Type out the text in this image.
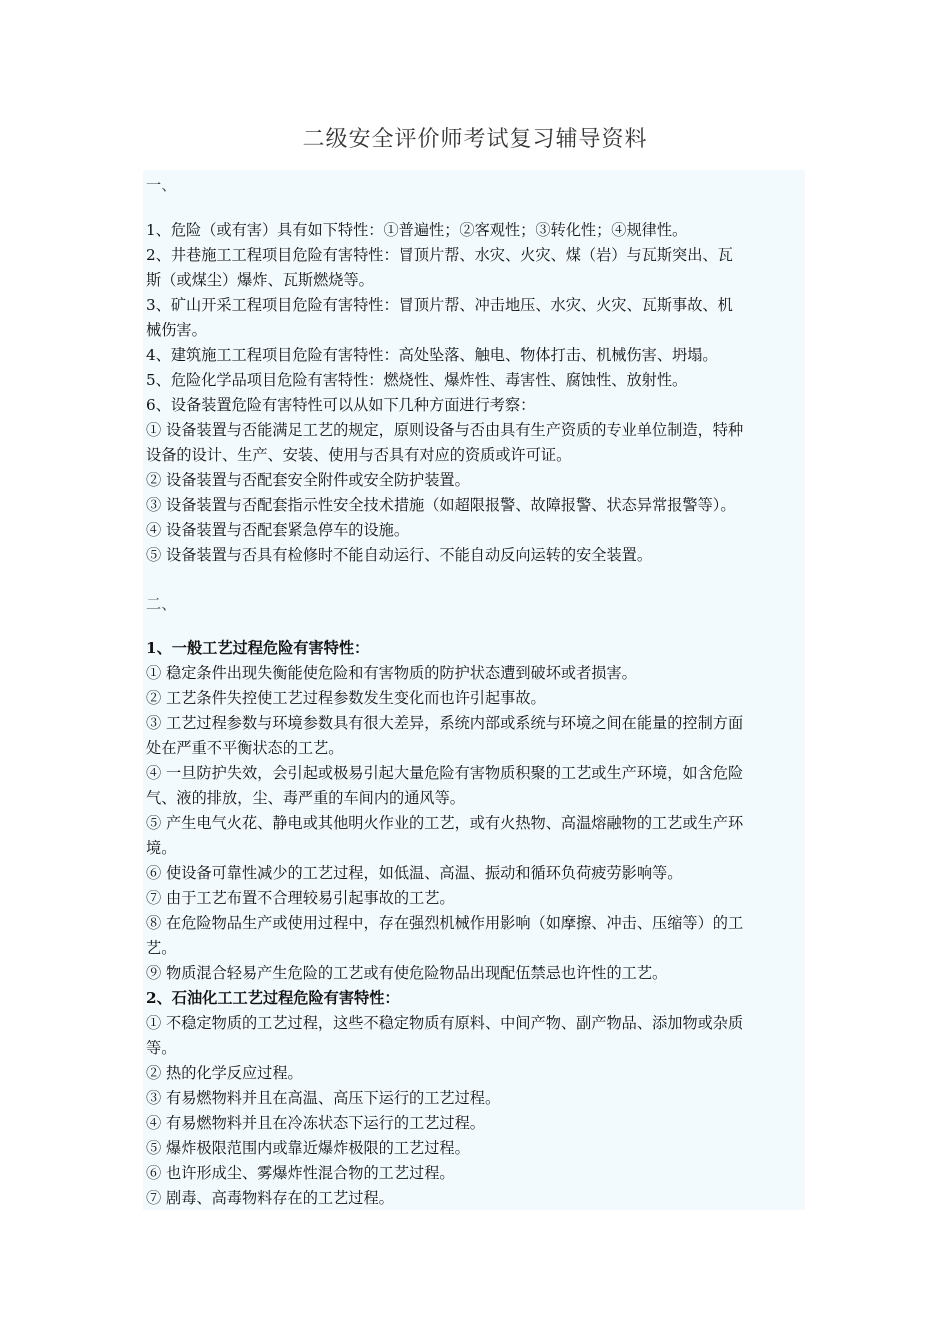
二级安全评价师考试复习辅导资料
一、
1、危险（或有害）具有如下特性：①普遍性；②客观性；③转化性；④规律性。
2、井巷施工工程项目危险有害特性：冒顶片帮、水灾、火灾、煤（岩）与瓦斯突出、瓦
斯（或煤尘）爆炸、瓦斯燃烧等。
3、矿山开采工程项目危险有害特性：冒顶片帮、冲击地压、水灾、火灾、瓦斯事故、机
械伤害。
4、建筑施工工程项目危险有害特性：高处坠落、触电、物体打击、机械伤害、坍塌。
5、危险化学品项目危险有害特性：燃烧性、爆炸性、毒害性、腐蚀性、放射性。
6、设备装置危险有害特性可以从如下几种方面进行考察：
① 设备装置与否能满足工艺的规定，原则设备与否由具有生产资质的专业单位制造，特种
设备的设计、生产、安装、使用与否具有对应的资质或许可证。
② 设备装置与否配套安全附件或安全防护装置。
③ 设备装置与否配套指示性安全技术措施（如超限报警、故障报警、状态异常报警等）。
④ 设备装置与否配套紧急停车的设施。
⑤ 设备装置与否具有检修时不能自动运行、不能自动反向运转的安全装置。
二、
1、一般工艺过程危险有害特性：
① 稳定条件出现失衡能使危险和有害物质的防护状态遭到破坏或者损害。
② 工艺条件失控使工艺过程参数发生变化而也许引起事故。
③ 工艺过程参数与环境参数具有很大差异，系统内部或系统与环境之间在能量的控制方面
处在严重不平衡状态的工艺。
④ 一旦防护失效，会引起或极易引起大量危险有害物质积聚的工艺或生产环境，如含危险
气、液的排放，尘、毒严重的车间内的通风等。
⑤ 产生电气火花、静电或其他明火作业的工艺，或有火热物、高温熔融物的工艺或生产环
境。
⑥ 使设备可靠性减少的工艺过程，如低温、高温、振动和循环负荷疲劳影响等。
⑦ 由于工艺布置不合理较易引起事故的工艺。
⑧ 在危险物品生产或使用过程中，存在强烈机械作用影响（如摩擦、冲击、压缩等）的工
艺。
⑨ 物质混合轻易产生危险的工艺或有使危险物品出现配伍禁忌也许性的工艺。
2、石油化工工艺过程危险有害特性：
① 不稳定物质的工艺过程，这些不稳定物质有原料、中间产物、副产物品、添加物或杂质
等。
② 热的化学反应过程。
③ 有易燃物料并且在高温、高压下运行的工艺过程。
④ 有易燃物料并且在冷冻状态下运行的工艺过程。
⑤ 爆炸极限范围内或靠近爆炸极限的工艺过程。
⑥ 也许形成尘、雾爆炸性混合物的工艺过程。
⑦ 剧毒、高毒物料存在的工艺过程。
